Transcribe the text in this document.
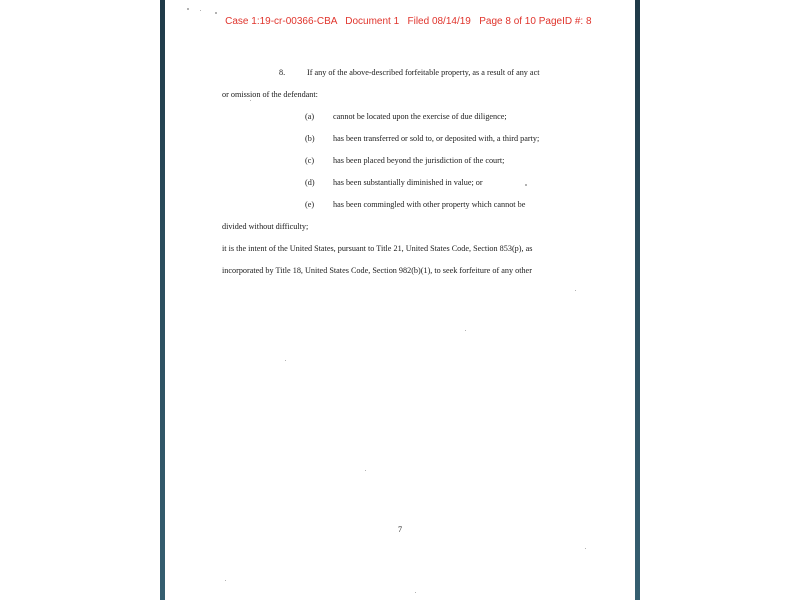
Case 1:19-cr-00366-CBA Document 1 Filed 08/14/19 Page 8 of 10 PageID #: 8

8.	If any of the above-described forfeitable property, as a result of any act
or omission of the defendant:
(a) cannot be located upon the exercise of due diligence;
(b) has been transferred or sold to, or deposited with, a third party;
(c) has been placed beyond the jurisdiction of the court;
(d) has been substantially diminished in value; or
(e) has been commingled with other property which cannot be
divided without difficulty;
it is the intent of the United States, pursuant to Title 21, United States Code, Section 853(p), as
incorporated by Title 18, United States Code, Section 982(b)(1), to seek forfeiture of any other
7
